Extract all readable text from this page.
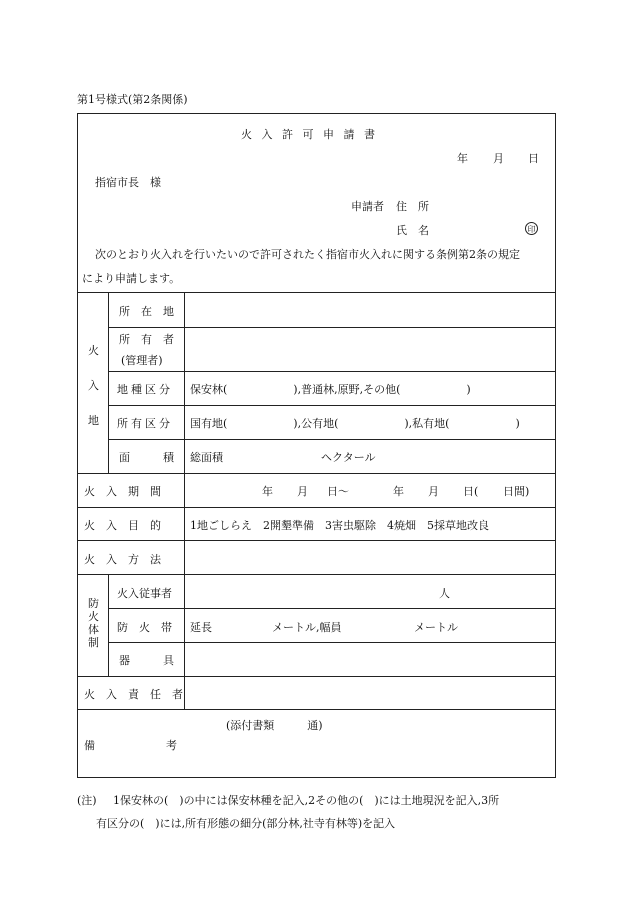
第1号様式(第2条関係)
火 入 許 可 申 請 書
年 月 日
指宿市長　様
申請者 住　所
氏　名	印
次のとおり火入れを行いたいので許可されたく指宿市火入れに関する条例第2条の規定
により申請します。
火
入
地
所　在　地
所　有　者
(管理者)
地種区分 保安林(　　　　　　),普通林,原野,その他(　　　　　　)
所有区分 国有地(　　　　　　),公有地(　　　　　　),私有地(　　　　　　)
面　　　積 総面積	ヘクタール
火　入　期　間	年 月 日〜	年 月 日( 日間)
火　入　目　的	1地ごしらえ　2開墾準備　3害虫駆除　4焼畑　5採草地改良
火　入　方　法
防
火
体
制
火入従事者	人
防　火　帯 延長	メートル,幅員	メートル
器　　　具
火　入　責　任　者
備	考
(添付書類　　　通)
(注) 1保安林の(　)の中には保安林種を記入,2その他の(　)には土地現況を記入,3所
有区分の(　)には,所有形態の細分(部分林,社寺有林等)を記入
